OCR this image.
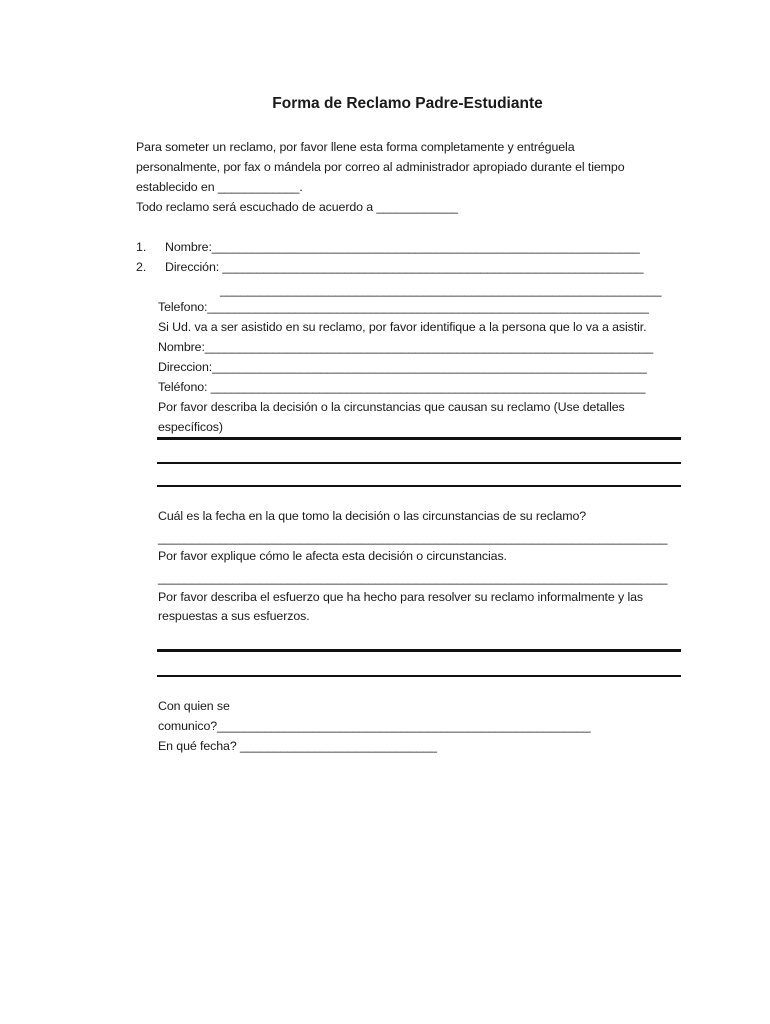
Forma de Reclamo Padre-Estudiante
Para someter un reclamo, por favor llene esta forma completamente y entréguela
personalmente, por fax o mándela por correo al administrador apropiado durante el tiempo
establecido en ____________.
Todo reclamo será escuchado de acuerdo a ____________
1. Nombre:_______________________________________________________________
2. Dirección: ______________________________________________________________
_________________________________________________________________
Telefono:_________________________________________________________________
Si Ud. va a ser asistido en su reclamo, por favor identifique a la persona que lo va a asistir.
Nombre:__________________________________________________________________
Direccion:________________________________________________________________
Teléfono: ________________________________________________________________
Por favor describa la decisión o la circunstancias que causan su reclamo (Use detalles
específicos)
Cuál es la fecha en la que tomo la decisión o las circunstancias de su reclamo?
___________________________________________________________________________
Por favor explique cómo le afecta esta decisión o circunstancias.
___________________________________________________________________________
Por favor describa el esfuerzo que ha hecho para resolver su reclamo informalmente y las
respuestas a sus esfuerzos.
Con quien se
comunico?_______________________________________________________
En qué fecha? _____________________________
